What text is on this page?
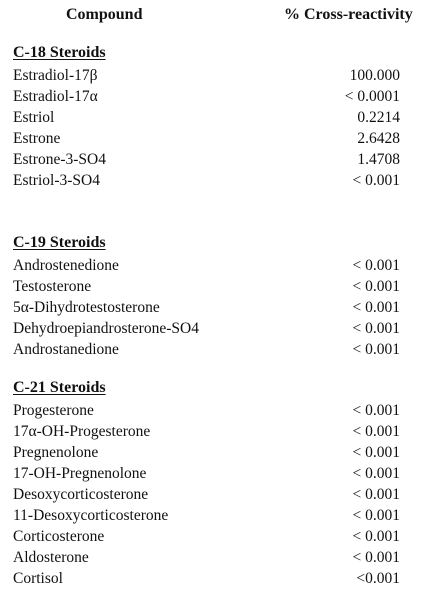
Compound	% Cross-reactivity
C-18 Steroids
Estradiol-17β	100.000
Estradiol-17α	< 0.0001
Estriol	0.2214
Estrone	2.6428
Estrone-3-SO4	1.4708
Estriol-3-SO4	< 0.001
C-19 Steroids
Androstenedione	< 0.001
Testosterone	< 0.001
5α-Dihydrotestosterone	< 0.001
Dehydroepiandrosterone-SO4	< 0.001
Androstanedione	< 0.001
C-21 Steroids
Progesterone	< 0.001
17α-OH-Progesterone	< 0.001
Pregnenolone	< 0.001
17-OH-Pregnenolone	< 0.001
Desoxycorticosterone	< 0.001
11-Desoxycorticosterone	< 0.001
Corticosterone	< 0.001
Aldosterone	< 0.001
Cortisol	<0.001
